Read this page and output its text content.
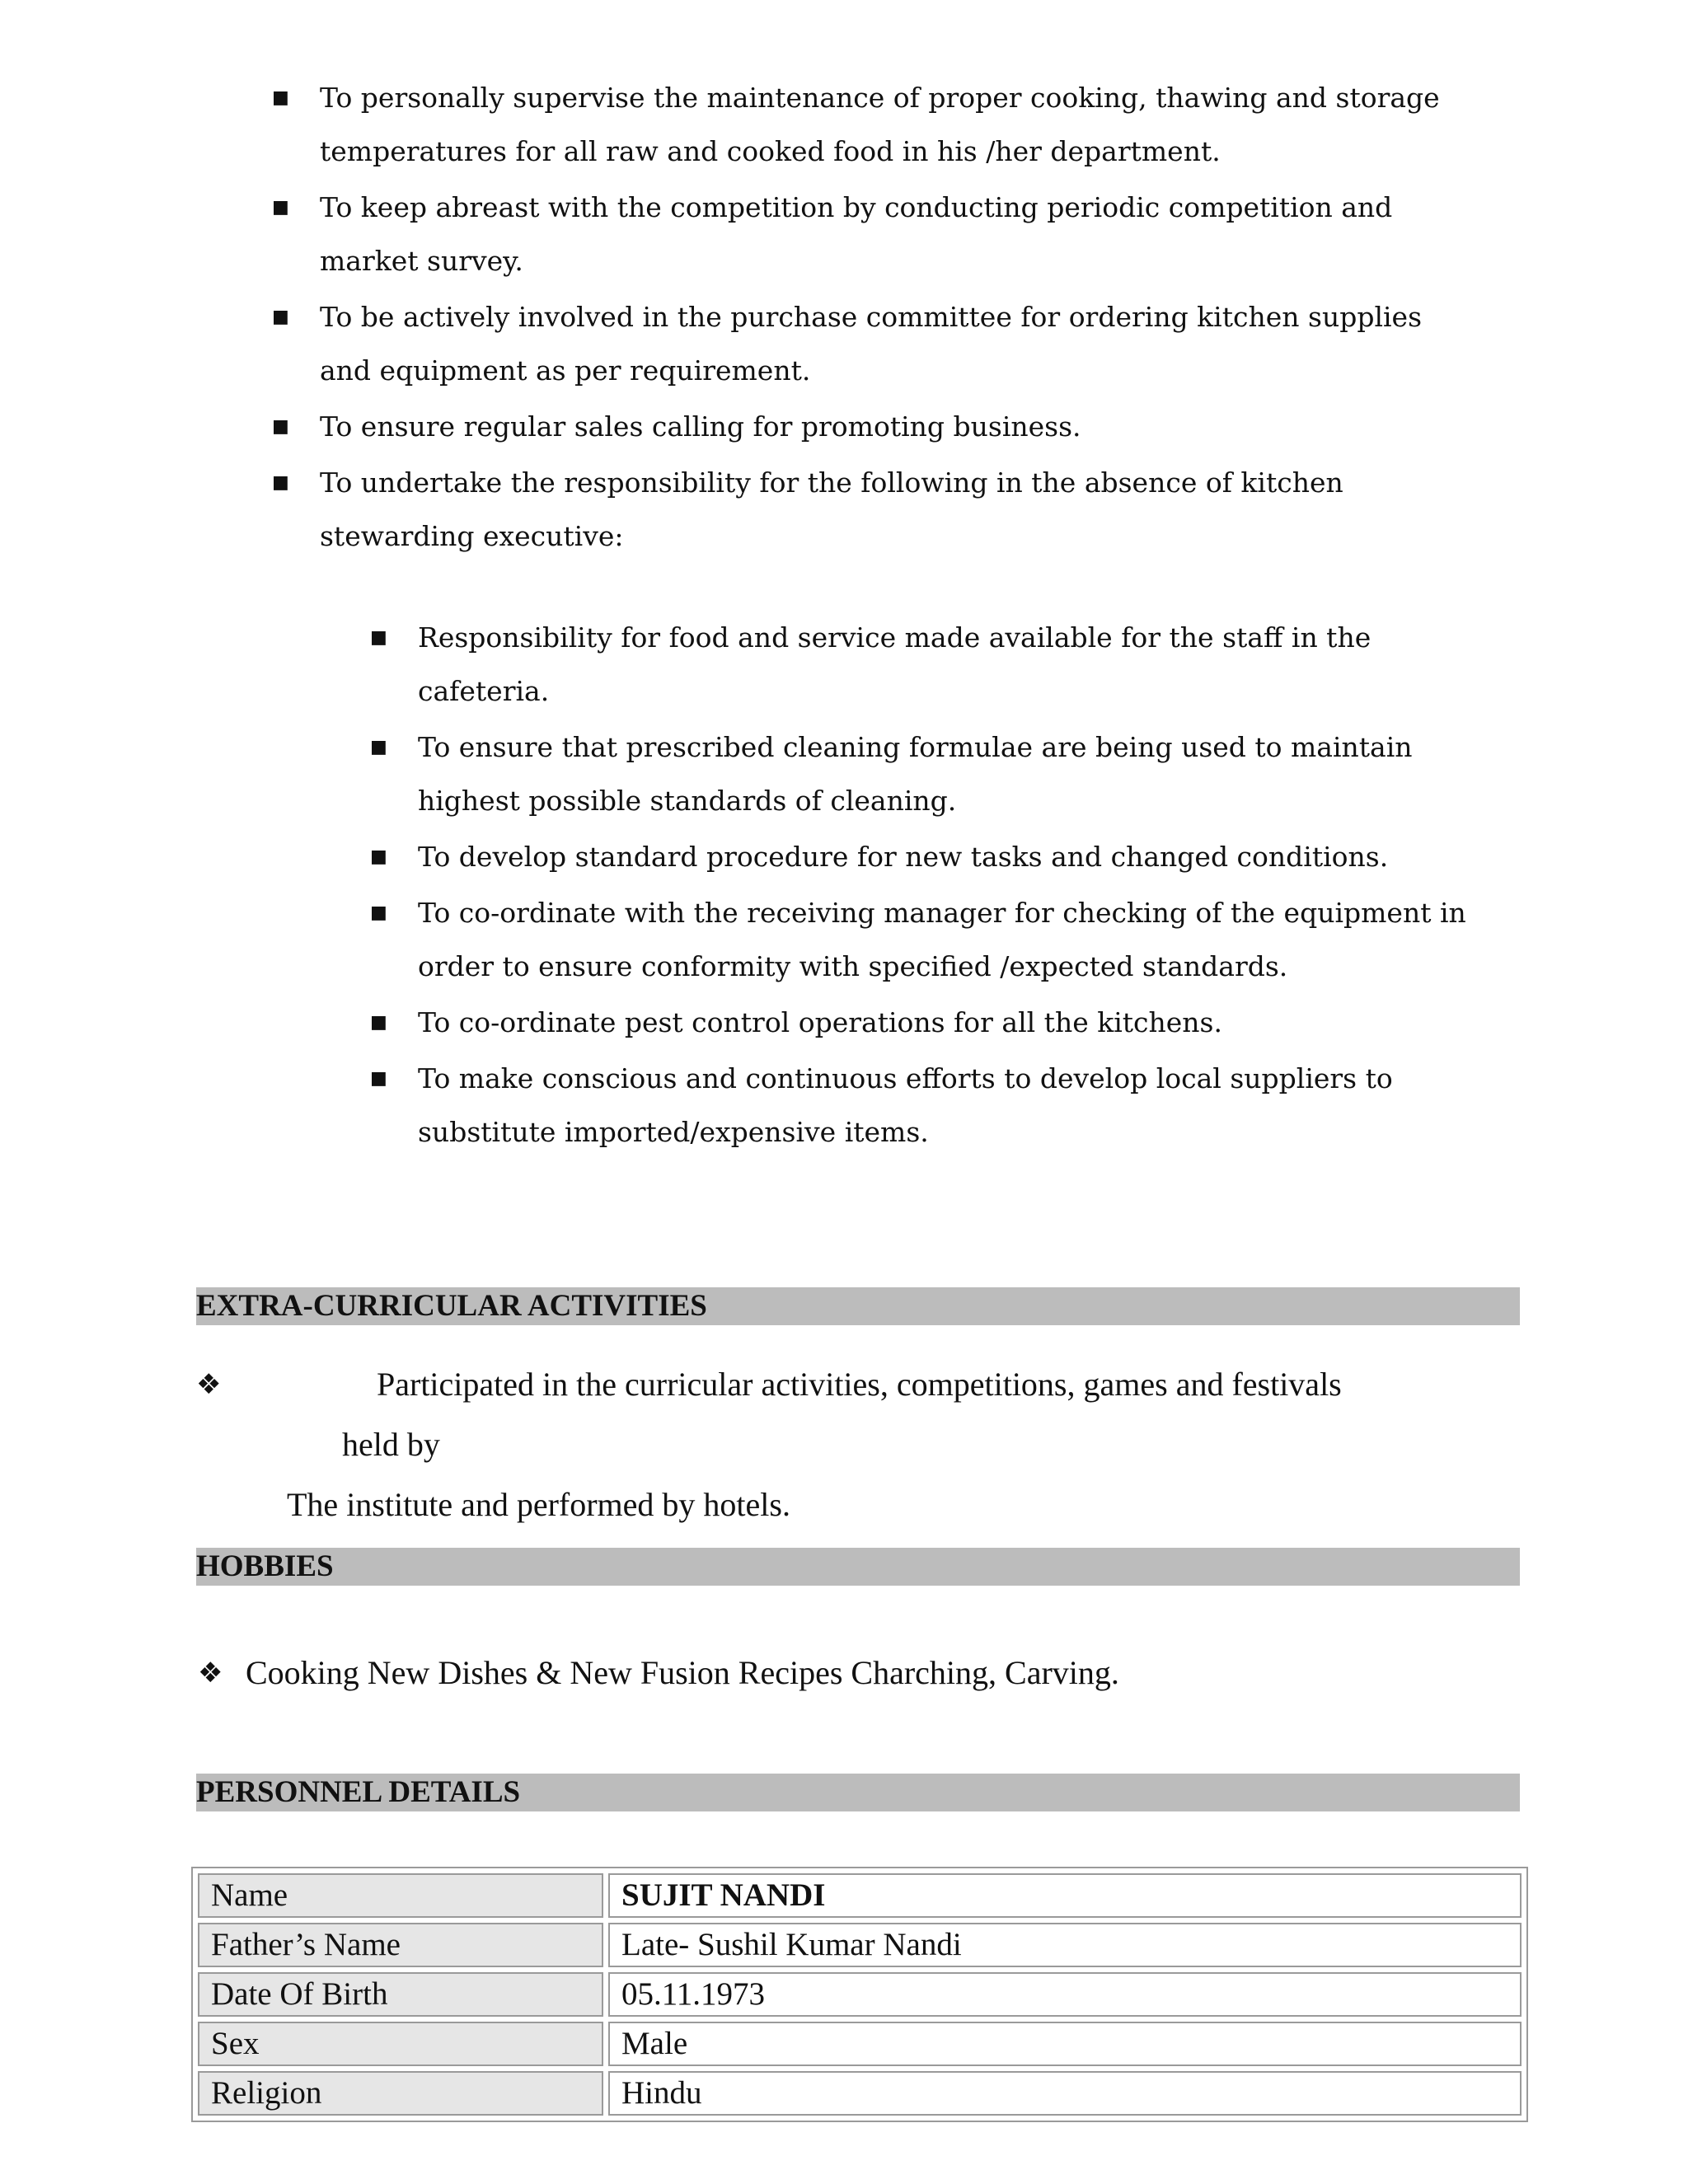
■ To personally supervise the maintenance of proper cooking, thawing and storage temperatures for all raw and cooked food in his /her department.
■ To keep abreast with the competition by conducting periodic competition and market survey.
■ To be actively involved in the purchase committee for ordering kitchen supplies and equipment as per requirement.
■ To ensure regular sales calling for promoting business.
■ To undertake the responsibility for the following in the absence of kitchen stewarding executive:
■ Responsibility for food and service made available for the staff in the cafeteria.
■ To ensure that prescribed cleaning formulae are being used to maintain highest possible standards of cleaning.
■ To develop standard procedure for new tasks and changed conditions.
■ To co-ordinate with the receiving manager for checking of the equipment in order to ensure conformity with specified /expected standards.
■ To co-ordinate pest control operations for all the kitchens.
■ To make conscious and continuous efforts to develop local suppliers to substitute imported/expensive items.
EXTRA-CURRICULAR ACTIVITIES
❖	Participated in the curricular activities, competitions, games and festivals
held by
The institute and performed by hotels.
HOBBIES
❖ Cooking New Dishes & New Fusion Recipes Charching, Carving.
PERSONNEL DETAILS
Name	SUJIT NANDI
Father’s Name	Late- Sushil Kumar Nandi
Date Of Birth	05.11.1973
Sex	Male
Religion	Hindu
